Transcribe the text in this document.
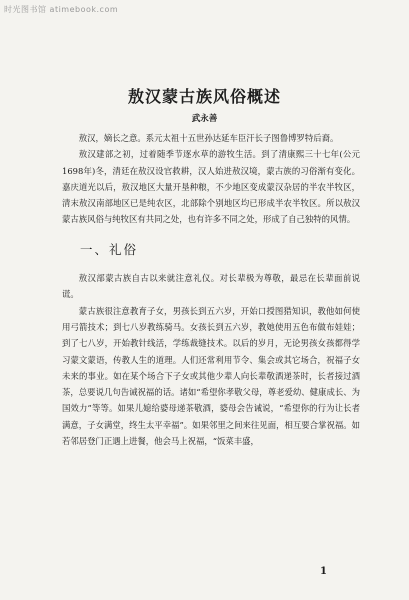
时光图书馆 atimebook.com
敖汉蒙古族风俗概述
武永善

敖汉，嫡长之意。系元太祖十五世孙达延车臣汗长子图鲁博罗特后裔。

敖汉建部之初，过着随季节逐水草的游牧生活。到了清康熙三十七年(公元1698年)冬，清廷在敖汉设官救耕，汉人始进敖汉境，蒙古族的习俗渐有变化。嘉庆道光以后，敖汉地区大量开垦种粮，不少地区变成蒙汉杂居的半农半牧区，清末敖汉南部地区已是纯农区，北部除个别地区均已形成半农半牧区。所以敖汉蒙古族风俗与纯牧区有共同之处，也有许多不同之处，形成了自己独特的风情。

一、礼俗

敖汉部蒙古族自古以来就注意礼仪。对长辈极为尊敬，最忌在长辈面前说谎。

蒙古族很注意教育子女，男孩长到五六岁，开始口授图猎知识，教他如何使用弓箭技术；到七八岁教练骑马。女孩长到五六岁，教她使用五色布做布娃娃；到了七八岁，开始教针线活，学练裁缝技术。以后的岁月，无论男孩女孩都得学习蒙文蒙语，传教人生的道理。人们还常利用节令、集会或其它场合，祝福子女未来的事业。如在某个场合下子女或其他少辈人向长辈敬酒递茶时，长者接过酒茶，总要说几句告诫祝福的话。诸如“希望你孝敬父母，尊老爱幼、健康成长、为国效力”等等。如果儿媳给婆母递茶敬酒，婆母会告诫说，“希望你的行为让长者满意，子女满堂，终生太平幸福”。如果邻里之间来往见面，相互要合掌祝福。如若邻居登门正遇上进餐，他会马上祝福，“饭菜丰盛，

1
